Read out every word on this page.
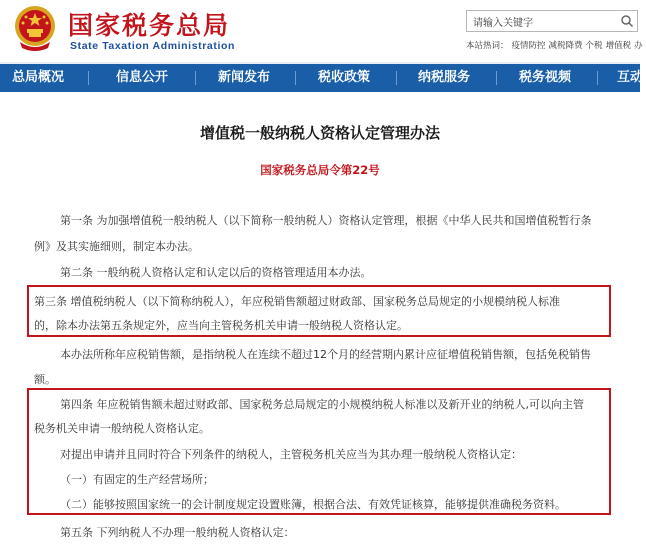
国家税务总局
State Taxation Administration
请输入关键字	本站热词： 疫情防控 减税降费 个税 增值税 办
总局概况	信息公开	新闻发布	税收政策	纳税服务	税务视频	互动
增值税一般纳税人资格认定管理办法
国家税务总局令第22号
第一条 为加强增值税一般纳税人（以下简称一般纳税人）资格认定管理，根据《中华人民共和国增值税暂行条
例》及其实施细则，制定本办法。
第二条 一般纳税人资格认定和认定以后的资格管理适用本办法。
第三条 增值税纳税人（以下简称纳税人），年应税销售额超过财政部、国家税务总局规定的小规模纳税人标准
的，除本办法第五条规定外，应当向主管税务机关申请一般纳税人资格认定。
本办法所称年应税销售额，是指纳税人在连续不超过12个月的经营期内累计应征增值税销售额，包括免税销售
额。
第四条 年应税销售额未超过财政部、国家税务总局规定的小规模纳税人标准以及新开业的纳税人,可以向主管
税务机关申请一般纳税人资格认定。
对提出申请并且同时符合下列条件的纳税人，主管税务机关应当为其办理一般纳税人资格认定：
（一）有固定的生产经营场所；
（二）能够按照国家统一的会计制度规定设置账簿，根据合法、有效凭证核算，能够提供准确税务资料。
第五条 下列纳税人不办理一般纳税人资格认定：
